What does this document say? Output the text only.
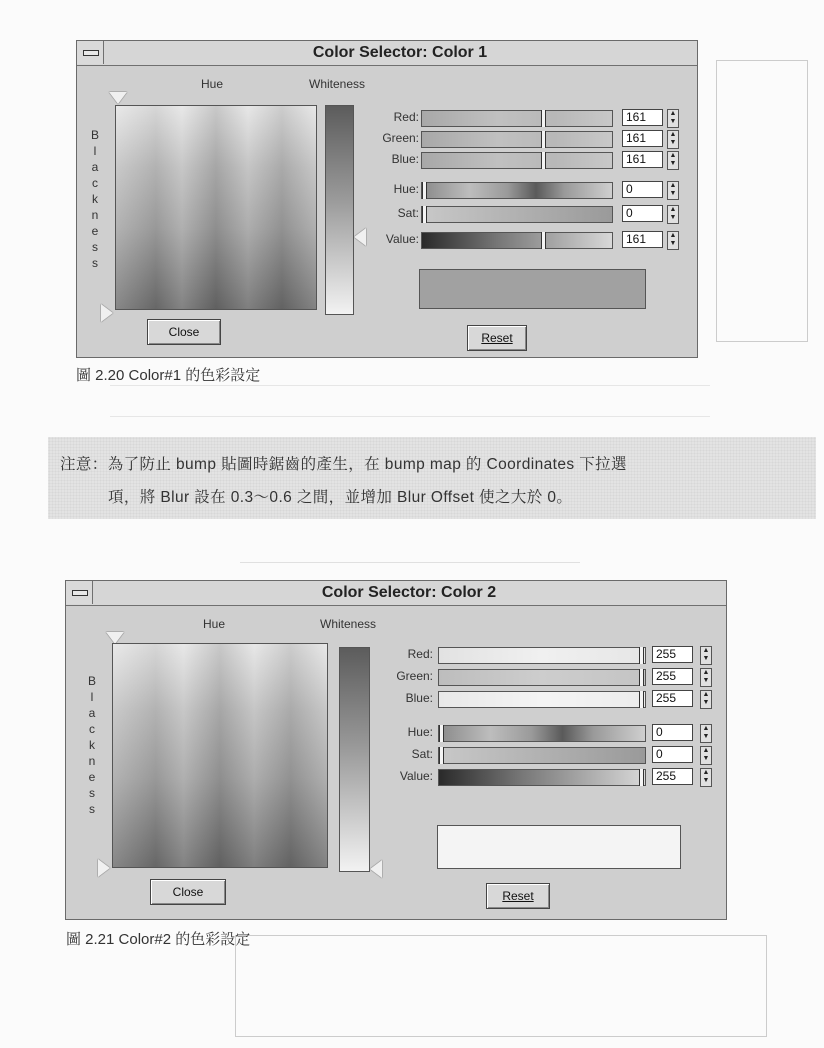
Color Selector: Color 1
Hue	Whiteness
B
l
a
c
k
n
e
s
s
Red:	161	▲
▼
Green:	161	▲
▼
Blue:	161	▲
▼
Hue:	0	▲
▼
Sat:	0	▲
▼
Value:	161	▲
▼
Close	Reset
圖 2.20 Color#1 的色彩設定

注意：為了防止 bump 貼圖時鋸齒的產生，在 bump map 的 Coordinates 下拉選

項，將 Blur 設在 0.3～0.6 之間，並增加 Blur Offset 使之大於 0。

Color Selector: Color 2
Hue	Whiteness
B
l
a
c
k
n
e
s
s
Red:	255	▲
▼
Green:	255	▲
▼
Blue:	255	▲
▼
Hue:	0	▲
▼
Sat:	0	▲
▼
Value:	255	▲
▼
Close	Reset
圖 2.21 Color#2 的色彩設定
